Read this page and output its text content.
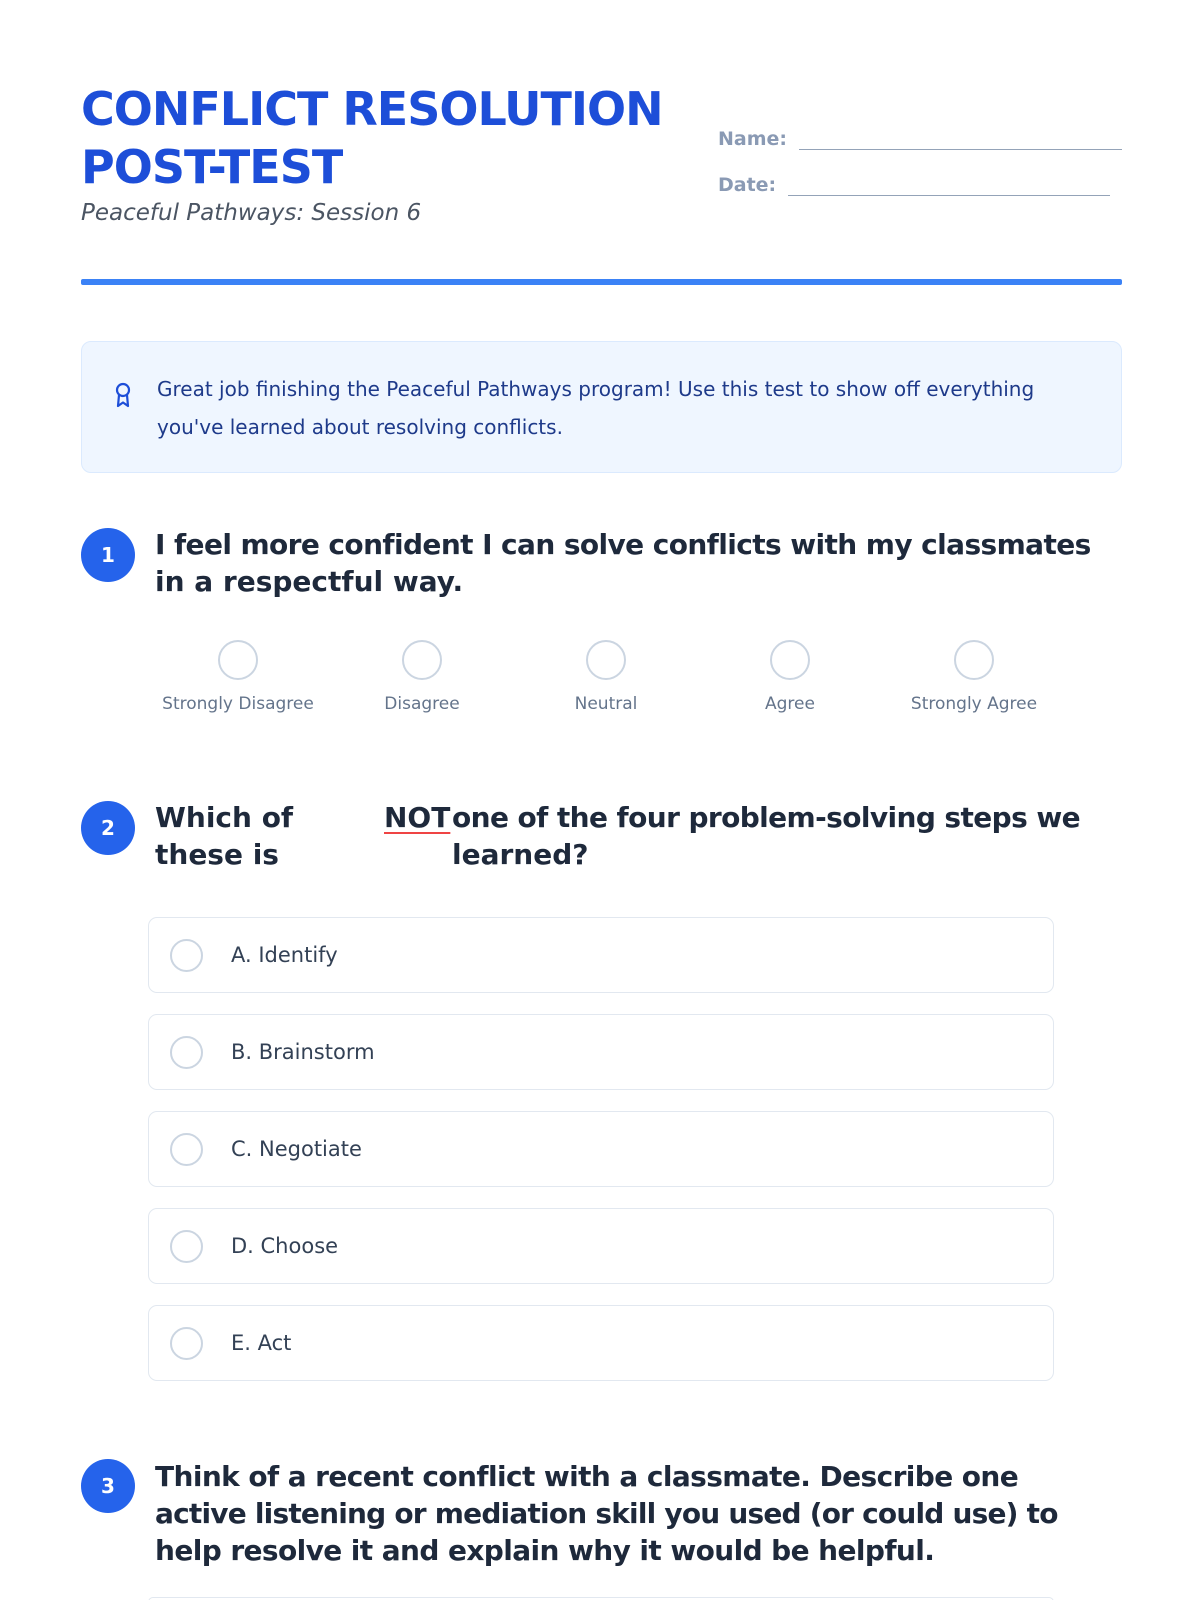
CONFLICT RESOLUTION
POST-TEST
Peaceful Pathways: Session 6
Name:
Date:
Great job finishing the Peaceful Pathways program! Use this test to show off everything you've learned about resolving conflicts.
1	I feel more confident I can solve conflicts with my classmates
in a respectful way.
Strongly Disagree	Disagree	Neutral	Agree	Strongly Agree
2	Which of
these is
NOT one of the four problem-solving steps we
learned?
A. Identify
B. Brainstorm
C. Negotiate
D. Choose
E. Act
3	Think of a recent conflict with a classmate. Describe one
active listening or mediation skill you used (or could use) to
help resolve it and explain why it would be helpful.
